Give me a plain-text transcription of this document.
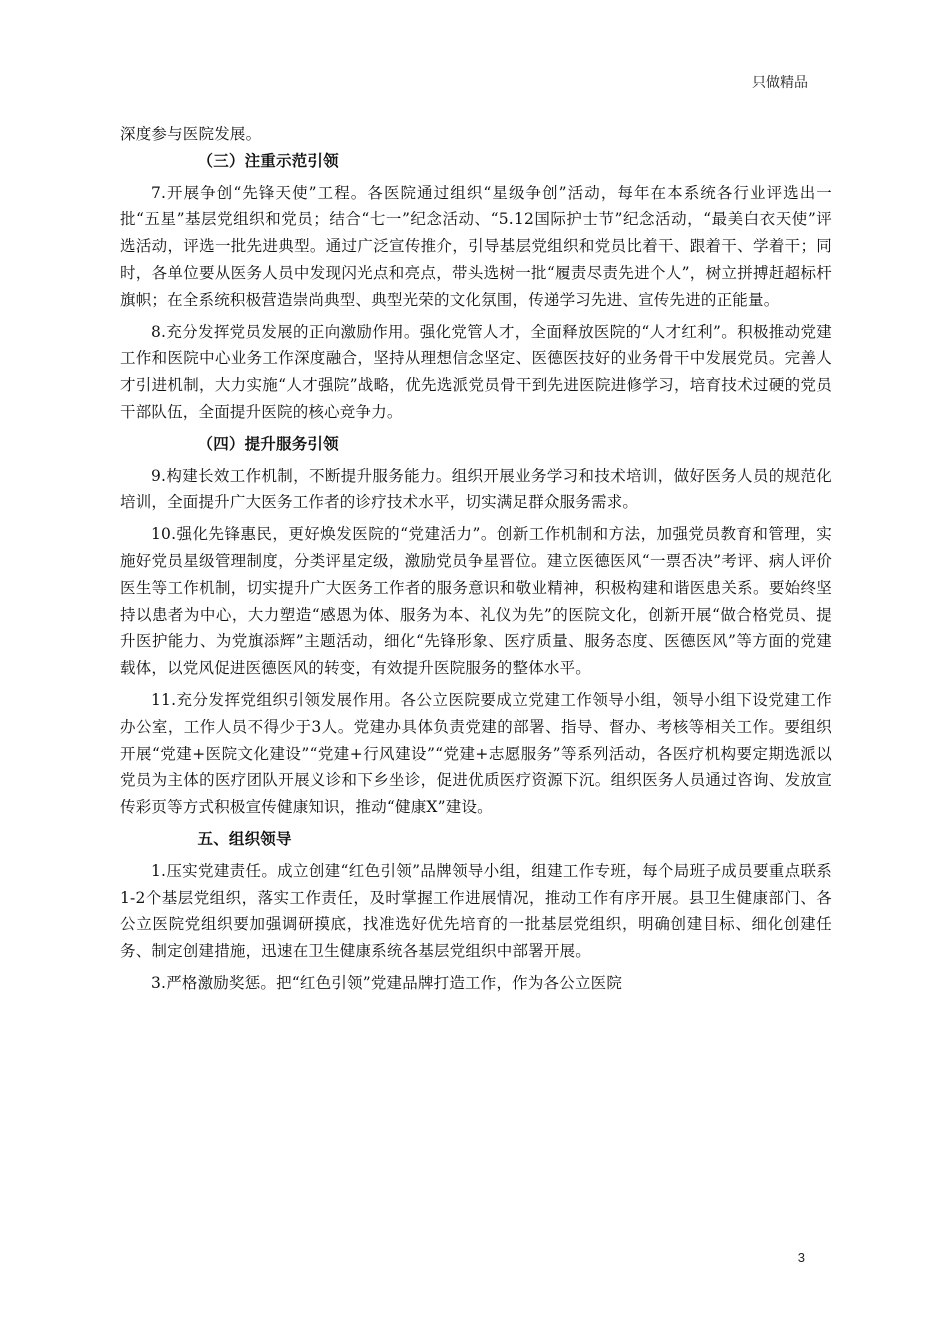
只做精品

深度参与医院发展。

（三）注重示范引领

7.开展争创“先锋天使”工程。各医院通过组织“星级争创”活动，每年在本系统各行业评选出一批“五星”基层党组织和党员；结合“七一”纪念活动、“5.12国际护士节”纪念活动，“最美白衣天使”评选活动，评选一批先进典型。通过广泛宣传推介，引导基层党组织和党员比着干、跟着干、学着干；同时，各单位要从医务人员中发现闪光点和亮点，带头选树一批“履责尽责先进个人”，树立拼搏赶超标杆旗帜；在全系统积极营造崇尚典型、典型光荣的文化氛围，传递学习先进、宣传先进的正能量。

8.充分发挥党员发展的正向激励作用。强化党管人才，全面释放医院的“人才红利”。积极推动党建工作和医院中心业务工作深度融合，坚持从理想信念坚定、医德医技好的业务骨干中发展党员。完善人才引进机制，大力实施“人才强院”战略，优先选派党员骨干到先进医院进修学习，培育技术过硬的党员干部队伍，全面提升医院的核心竞争力。

（四）提升服务引领

9.构建长效工作机制，不断提升服务能力。组织开展业务学习和技术培训，做好医务人员的规范化培训，全面提升广大医务工作者的诊疗技术水平，切实满足群众服务需求。

10.强化先锋惠民，更好焕发医院的“党建活力”。创新工作机制和方法，加强党员教育和管理，实施好党员星级管理制度，分类评星定级，激励党员争星晋位。建立医德医风“一票否决”考评、病人评价医生等工作机制，切实提升广大医务工作者的服务意识和敬业精神，积极构建和谐医患关系。要始终坚持以患者为中心，大力塑造“感恩为体、服务为本、礼仪为先”的医院文化，创新开展“做合格党员、提升医护能力、为党旗添辉”主题活动，细化“先锋形象、医疗质量、服务态度、医德医风”等方面的党建载体，以党风促进医德医风的转变，有效提升医院服务的整体水平。

11.充分发挥党组织引领发展作用。各公立医院要成立党建工作领导小组，领导小组下设党建工作办公室，工作人员不得少于3人。党建办具体负责党建的部署、指导、督办、考核等相关工作。要组织开展“党建+医院文化建设”“党建+行风建设”“党建+志愿服务”等系列活动，各医疗机构要定期选派以党员为主体的医疗团队开展义诊和下乡坐诊，促进优质医疗资源下沉。组织医务人员通过咨询、发放宣传彩页等方式积极宣传健康知识，推动“健康X”建设。

五、组织领导

1.压实党建责任。成立创建“红色引领”品牌领导小组，组建工作专班，每个局班子成员要重点联系1-2个基层党组织，落实工作责任，及时掌握工作进展情况，推动工作有序开展。县卫生健康部门、各公立医院党组织要加强调研摸底，找准选好优先培育的一批基层党组织，明确创建目标、细化创建任务、制定创建措施，迅速在卫生健康系统各基层党组织中部署开展。

3.严格激励奖惩。把“红色引领”党建品牌打造工作，作为各公立医院

3
